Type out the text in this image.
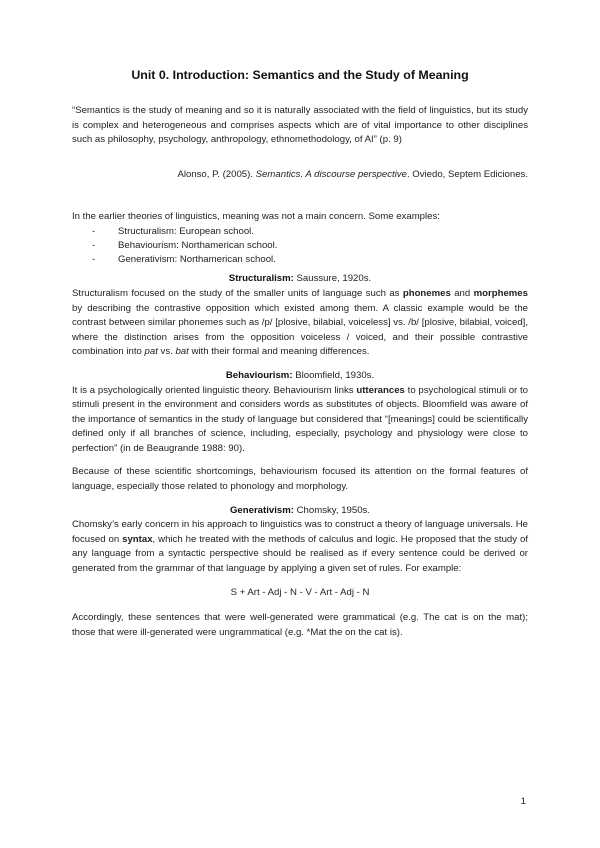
Unit 0. Introduction: Semantics and the Study of Meaning

“Semantics is the study of meaning and so it is naturally associated with the field of linguistics, but its study is complex and heterogeneous and comprises aspects which are of vital importance to other disciplines such as philosophy, psychology, anthropology, ethnomethodology, of AI” (p. 9)

Alonso, P. (2005). Semantics. A discourse perspective. Oviedo, Septem Ediciones.

In the earlier theories of linguistics, meaning was not a main concern. Some examples:

- Structuralism: European school.
- Behaviourism: Northamerican school.
- Generativism: Northamerican school.

Structuralism: Saussure, 1920s.

Structuralism focused on the study of the smaller units of language such as phonemes and morphemes by describing the contrastive opposition which existed among them. A classic example would be the contrast between similar phonemes such as /p/ [plosive, bilabial, voiceless] vs. /b/ [plosive, bilabial, voiced], where the distinction arises from the opposition voiceless / voiced, and their possible contrastive combination into pat vs. bat with their formal and meaning differences.

Behaviourism: Bloomfield, 1930s.

It is a psychologically oriented linguistic theory. Behaviourism links utterances to psychological stimuli or to stimuli present in the environment and considers words as substitutes of objects. Bloomfield was aware of the importance of semantics in the study of language but considered that “[meanings] could be scientifically defined only if all branches of science, including, especially, psychology and physiology were close to perfection” (in de Beaugrande 1988: 90).

Because of these scientific shortcomings, behaviourism focused its attention on the formal features of language, especially those related to phonology and morphology.

Generativism: Chomsky, 1950s.

Chomsky’s early concern in his approach to linguistics was to construct a theory of language universals. He focused on syntax, which he treated with the methods of calculus and logic. He proposed that the study of any language from a syntactic perspective should be realised as if every sentence could be derived or generated from the grammar of that language by applying a given set of rules. For example:

S + Art - Adj - N - V - Art - Adj - N

Accordingly, these sentences that were well-generated were grammatical (e.g. The cat is on the mat); those that were ill-generated were ungrammatical (e.g. *Mat the on the cat is).

1
